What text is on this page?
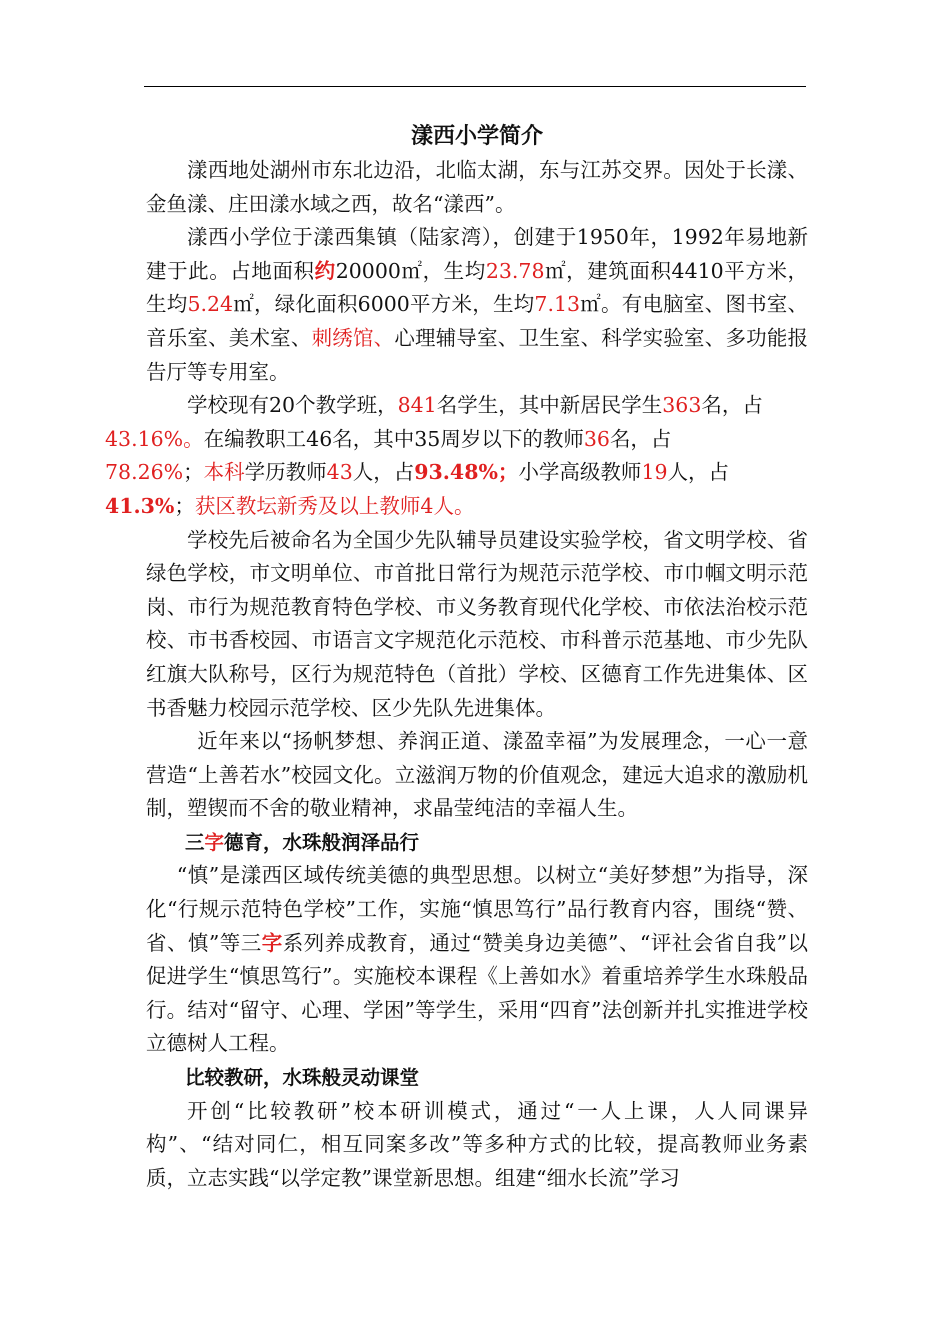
漾西小学简介

漾西地处湖州市东北边沿，北临太湖，东与江苏交界。因处于长漾、金鱼漾、庄田漾水域之西，故名“漾西”。

漾西小学位于漾西集镇（陆家湾），创建于1950年，1992年易地新建于此。占地面积约20000㎡，生均23.78㎡，建筑面积4410平方米，生均5.24㎡，绿化面积6000平方米，生均7.13㎡。有电脑室、图书室、音乐室、美术室、刺绣馆、心理辅导室、卫生室、科学实验室、多功能报告厅等专用室。

学校现有20个教学班，841名学生，其中新居民学生363名，占
43.16%。在编教职工46名，其中35周岁以下的教师36名，占
78.26%；本科学历教师43人，占93.48%；小学高级教师19人，占
41.3%；获区教坛新秀及以上教师4人。

学校先后被命名为全国少先队辅导员建设实验学校，省文明学校、省绿色学校，市文明单位、市首批日常行为规范示范学校、市巾帼文明示范岗、市行为规范教育特色学校、市义务教育现代化学校、市依法治校示范校、市书香校园、市语言文字规范化示范校、市科普示范基地、市少先队红旗大队称号，区行为规范特色（首批）学校、区德育工作先进集体、区书香魅力校园示范学校、区少先队先进集体。

近年来以“扬帆梦想、养润正道、漾盈幸福”为发展理念，一心一意营造“上善若水”校园文化。立滋润万物的价值观念，建远大追求的激励机制，塑锲而不舍的敬业精神，求晶莹纯洁的幸福人生。

三字德育，水珠般润泽品行

“慎”是漾西区域传统美德的典型思想。以树立“美好梦想”为指导，深化“行规示范特色学校”工作，实施“慎思笃行”品行教育内容，围绕“赞、省、慎”等三字系列养成教育，通过“赞美身边美德”、“评社会省自我”以促进学生“慎思笃行”。实施校本课程《上善如水》着重培养学生水珠般品行。结对“留守、心理、学困”等学生，采用“四育”法创新并扎实推进学校立德树人工程。

比较教研，水珠般灵动课堂

开创“比较教研”校本研训模式，通过“一人上课，人人同课异构”、“结对同仁，相互同案多改”等多种方式的比较，提高教师业务素质，立志实践“以学定教”课堂新思想。组建“细水长流”学习
